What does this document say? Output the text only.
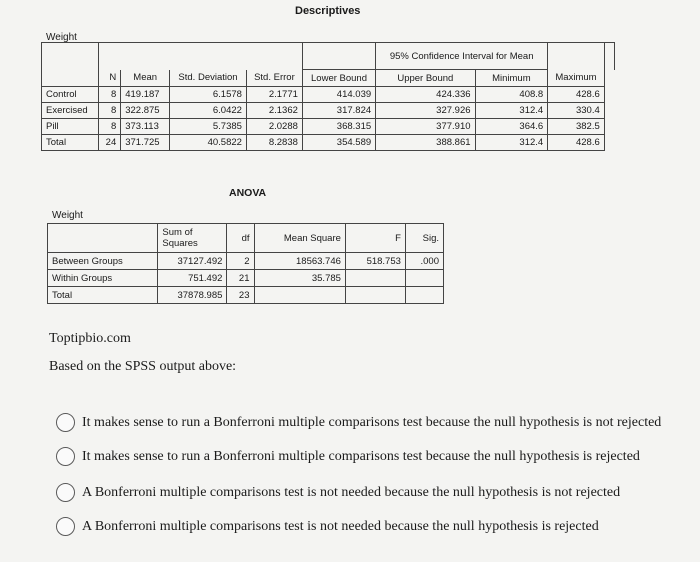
Descriptives
Weight
						95% Confidence Interval for Mean			
	N	Mean	Std. Deviation	Std. Error	Lower Bound	Upper Bound	Minimum	Maximum	
Control	8	419.187	6.1578	2.1771	414.039	424.336	408.8	428.6	
Exercised	8	322.875	6.0422	2.1362	317.824	327.926	312.4	330.4	
Pill	8	373.113	5.7385	2.0288	368.315	377.910	364.6	382.5	
Total	24	371.725	40.5822	8.2838	354.589	388.861	312.4	428.6	
ANOVA
Weight
	Sum of Squares	df	Mean Square	F	Sig.
Between Groups	37127.492	2	18563.746	518.753	.000
Within Groups	751.492	21	35.785		
Total	37878.985	23			
Toptipbio.com
Based on the SPSS output above:
It makes sense to run a Bonferroni multiple comparisons test because the null hypothesis is not rejected
It makes sense to run a Bonferroni multiple comparisons test because the null hypothesis is rejected
A Bonferroni multiple comparisons test is not needed because the null hypothesis is not rejected
A Bonferroni multiple comparisons test is not needed because the null hypothesis is rejected
